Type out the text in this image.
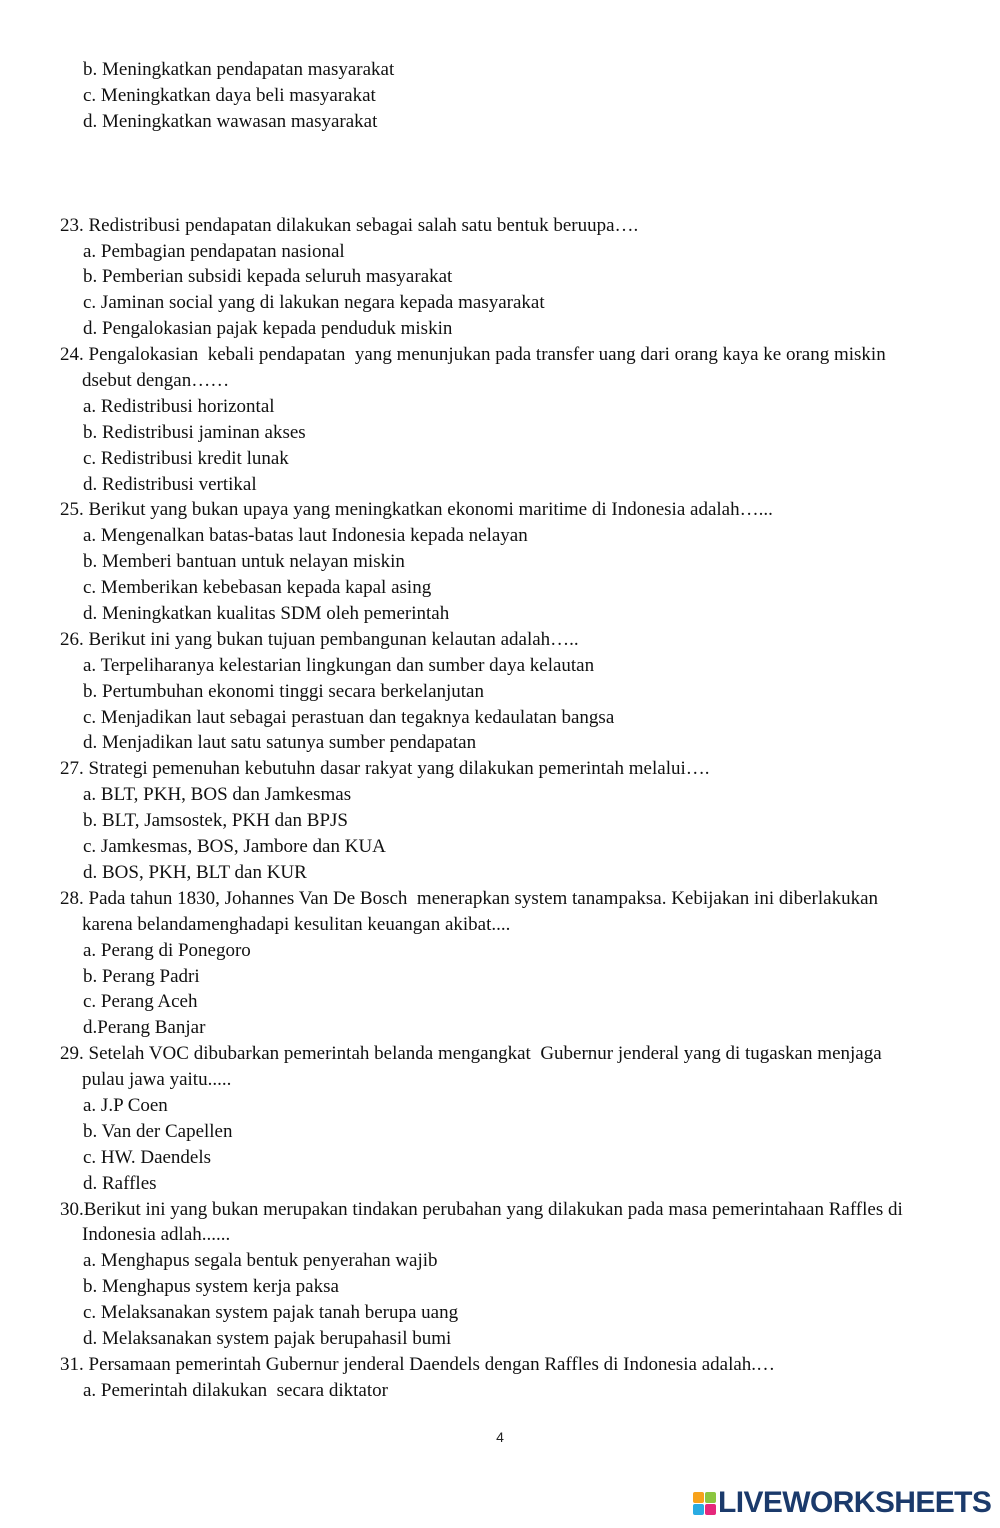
b. Meningkatkan pendapatan masyarakat
c. Meningkatkan daya beli masyarakat
d. Meningkatkan wawasan masyarakat
23. Redistribusi pendapatan dilakukan sebagai salah satu bentuk beruupa….
a. Pembagian pendapatan nasional
b. Pemberian subsidi kepada seluruh masyarakat
c. Jaminan social yang di lakukan negara kepada masyarakat
d. Pengalokasian pajak kepada penduduk miskin
24. Pengalokasian  kebali pendapatan  yang menunjukan pada transfer uang dari orang kaya ke orang miskin
dsebut dengan……
a. Redistribusi horizontal
b. Redistribusi jaminan akses
c. Redistribusi kredit lunak
d. Redistribusi vertikal
25. Berikut yang bukan upaya yang meningkatkan ekonomi maritime di Indonesia adalah…...
a. Mengenalkan batas-batas laut Indonesia kepada nelayan
b. Memberi bantuan untuk nelayan miskin
c. Memberikan kebebasan kepada kapal asing
d. Meningkatkan kualitas SDM oleh pemerintah
26. Berikut ini yang bukan tujuan pembangunan kelautan adalah…..
a. Terpeliharanya kelestarian lingkungan dan sumber daya kelautan
b. Pertumbuhan ekonomi tinggi secara berkelanjutan
c. Menjadikan laut sebagai perastuan dan tegaknya kedaulatan bangsa
d. Menjadikan laut satu satunya sumber pendapatan
27. Strategi pemenuhan kebutuhn dasar rakyat yang dilakukan pemerintah melalui….
a. BLT, PKH, BOS dan Jamkesmas
b. BLT, Jamsostek, PKH dan BPJS
c. Jamkesmas, BOS, Jambore dan KUA
d. BOS, PKH, BLT dan KUR
28. Pada tahun 1830, Johannes Van De Bosch  menerapkan system tanampaksa. Kebijakan ini diberlakukan
karena belandamenghadapi kesulitan keuangan akibat....
a. Perang di Ponegoro
b. Perang Padri
c. Perang Aceh
d.Perang Banjar
29. Setelah VOC dibubarkan pemerintah belanda mengangkat  Gubernur jenderal yang di tugaskan menjaga
pulau jawa yaitu.....
a. J.P Coen
b. Van der Capellen
c. HW. Daendels
d. Raffles
30.Berikut ini yang bukan merupakan tindakan perubahan yang dilakukan pada masa pemerintahaan Raffles di
Indonesia adlah......
a. Menghapus segala bentuk penyerahan wajib
b. Menghapus system kerja paksa
c. Melaksanakan system pajak tanah berupa uang
d. Melaksanakan system pajak berupahasil bumi
31. Persamaan pemerintah Gubernur jenderal Daendels dengan Raffles di Indonesia adalah.…
a. Pemerintah dilakukan  secara diktator
4
LIVEWORKSHEETS
